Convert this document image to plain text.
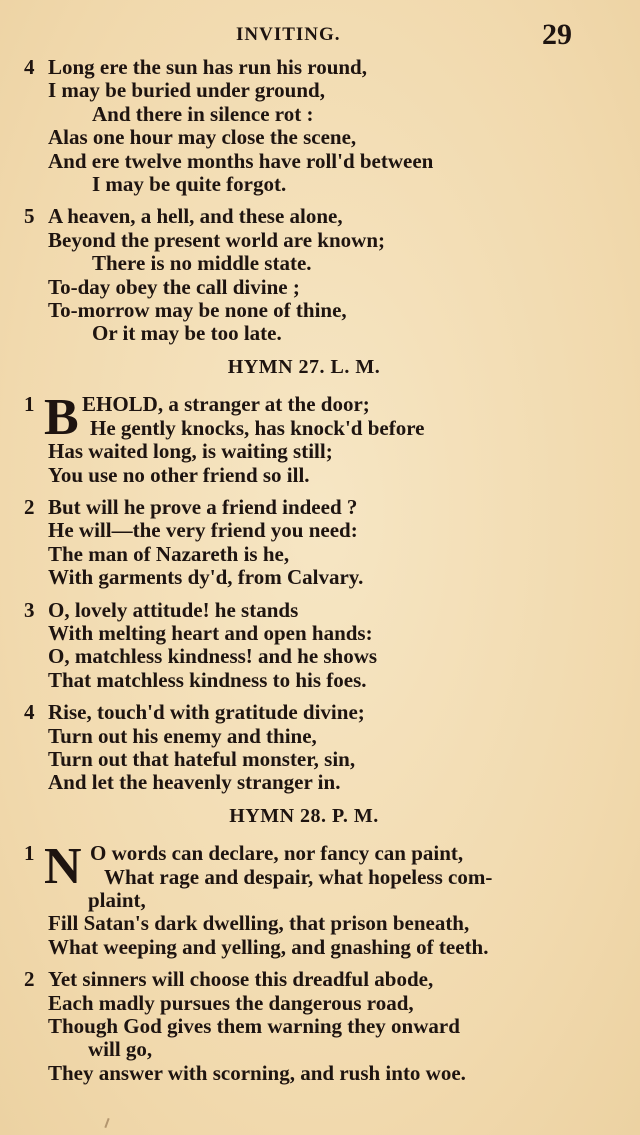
INVITING.	29
4 Long ere the sun has run his round,
I may be buried under ground,
And there in silence rot :
Alas one hour may close the scene,
And ere twelve months have roll'd between
I may be quite forgot.
5 A heaven, a hell, and these alone,
Beyond the present world are known;
There is no middle state.
To-day obey the call divine ;
To-morrow may be none of thine,
Or it may be too late.
HYMN 27. L. M.
1 B EHOLD, a stranger at the door;
He gently knocks, has knock'd before
Has waited long, is waiting still;
You use no other friend so ill.
2 But will he prove a friend indeed ?
He will—the very friend you need:
The man of Nazareth is he,
With garments dy'd, from Calvary.
3 O, lovely attitude! he stands
With melting heart and open hands:
O, matchless kindness! and he shows
That matchless kindness to his foes.
4 Rise, touch'd with gratitude divine;
Turn out his enemy and thine,
Turn out that hateful monster, sin,
And let the heavenly stranger in.
HYMN 28. P. M.
1 N O words can declare, nor fancy can paint,
What rage and despair, what hopeless com-
plaint,
Fill Satan's dark dwelling, that prison beneath,
What weeping and yelling, and gnashing of teeth.
2 Yet sinners will choose this dreadful abode,
Each madly pursues the dangerous road,
Though God gives them warning they onward
will go,
They answer with scorning, and rush into woe.
